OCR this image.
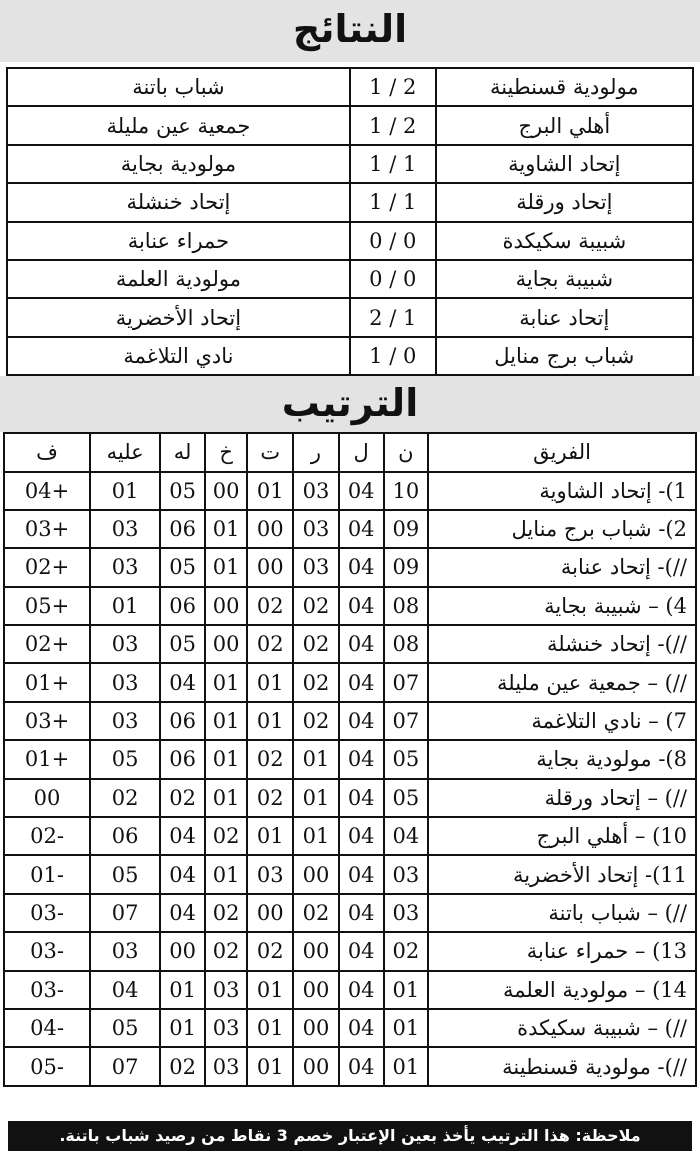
النتائج
مولودية قسنطينة	2 / 1	شباب باتنة
أهلي البرج	2 / 1	جمعية عين مليلة
إتحاد الشاوية	1 / 1	مولودية بجاية
إتحاد ورقلة	1 / 1	إتحاد خنشلة
شبيبة سكيكدة	0 / 0	حمراء عنابة
شبيبة بجاية	0 / 0	مولودية العلمة
إتحاد عنابة	1 / 2	إتحاد الأخضرية
شباب برج منايل	0 / 1	نادي التلاغمة
الترتيب
الفريق	ن	ل	ر	ت	خ	له	عليه	ف
1)- إتحاد الشاوية	10	04	03	01	00	05	01	+04
2)- شباب برج منايل	09	04	03	00	01	06	03	+03
//)- إتحاد عنابة	09	04	03	00	01	05	03	+02
4) – شبيبة بجاية	08	04	02	02	00	06	01	+05
//)- إتحاد خنشلة	08	04	02	02	00	05	03	+02
//) – جمعية عين مليلة	07	04	02	01	01	04	03	+01
7) – نادي التلاغمة	07	04	02	01	01	06	03	+03
8)- مولودية بجاية	05	04	01	02	01	06	05	+01
//) – إتحاد ورقلة	05	04	01	02	01	02	02	00
10) – أهلي البرج	04	04	01	01	02	04	06	-02
11)- إتحاد الأخضرية	03	04	00	03	01	04	05	-01
//) – شباب باتنة	03	04	02	00	02	04	07	-03
13) – حمراء عنابة	02	04	00	02	02	00	03	-03
14) – مولودية العلمة	01	04	00	01	03	01	04	-03
//) – شبيبة سكيكدة	01	04	00	01	03	01	05	-04
//)- مولودية قسنطينة	01	04	00	01	03	02	07	-05
ملاحظة: هذا الترتيب يأخذ بعين الإعتبار خصم 3 نقاط من رصيد شباب باتنة.
